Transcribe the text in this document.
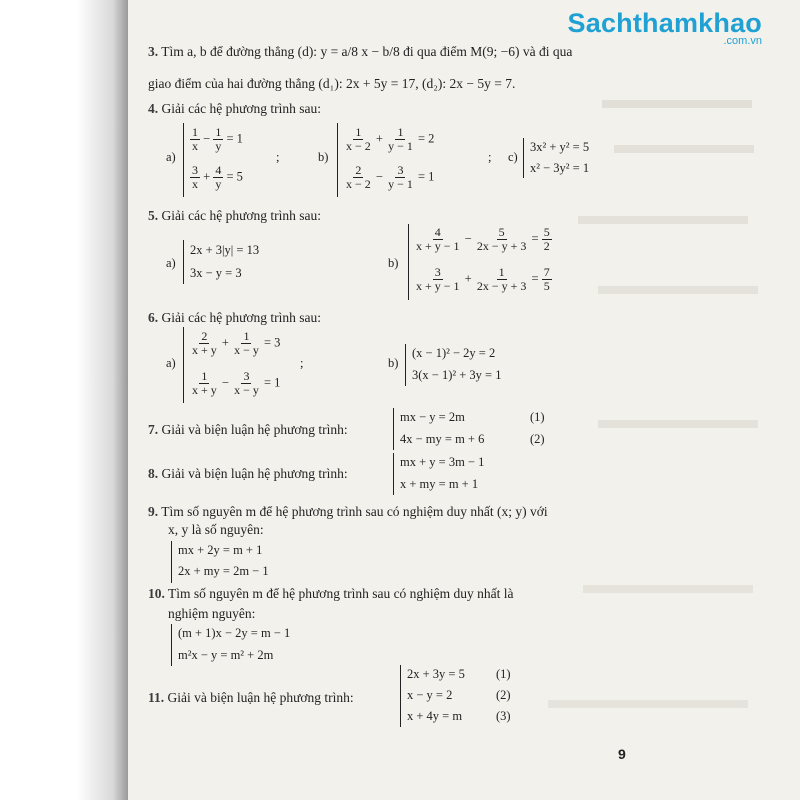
Sachthamkhao
.com.vn
3. Tìm a, b để đường thẳng (d): y = a/8 x − b/8 đi qua điểm M(9; −6) và đi qua
giao điểm của hai đường thẳng (d₁): 2x + 5y = 17, (d₂): 2x − 5y = 7.
4. Giải các hệ phương trình sau:
a)
$\frac{1}{x} - \frac{1}{y} = 1$
$\frac{3}{x} + \frac{4}{y} = 5$
;	b)
$\frac{1}{x - 2} + \frac{1}{y - 1} = 2$
$\frac{2}{x - 2} - \frac{3}{y - 1} = 1$
; c)
3x² + y² = 5
x² − 3y² = 1
5. Giải các hệ phương trình sau:
a)
2x + 3|y| = 13
3x − y = 3
b)
$\frac{4}{x + y - 1} - \frac{5}{2x - y + 3} = \frac{5}{2}$
$\frac{3}{x + y - 1} + \frac{1}{2x - y + 3} = \frac{7}{5}$
6. Giải các hệ phương trình sau:
a)
$\frac{2}{x + y} + \frac{1}{x - y} = 3$
$\frac{1}{x + y} - \frac{3}{x - y} = 1$
;	b)
(x − 1)² − 2y = 2
3(x − 1)² + 3y = 1
7. Giải và biện luận hệ phương trình:
mx − y = 2m
4x − my = m + 6
(1)
(2)
8. Giải và biện luận hệ phương trình:
mx + y = 3m − 1
x + my = m + 1
9. Tìm số nguyên m để hệ phương trình sau có nghiệm duy nhất (x; y) với
x, y là số nguyên:
mx + 2y = m + 1
2x + my = 2m − 1
10. Tìm số nguyên m để hệ phương trình sau có nghiệm duy nhất là
nghiệm nguyên:
(m + 1)x − 2y = m − 1
m²x − y = m² + 2m
11. Giải và biện luận hệ phương trình:
2x + 3y = 5
x − y = 2
x + 4y = m
(1)
(2)
(3)
9
